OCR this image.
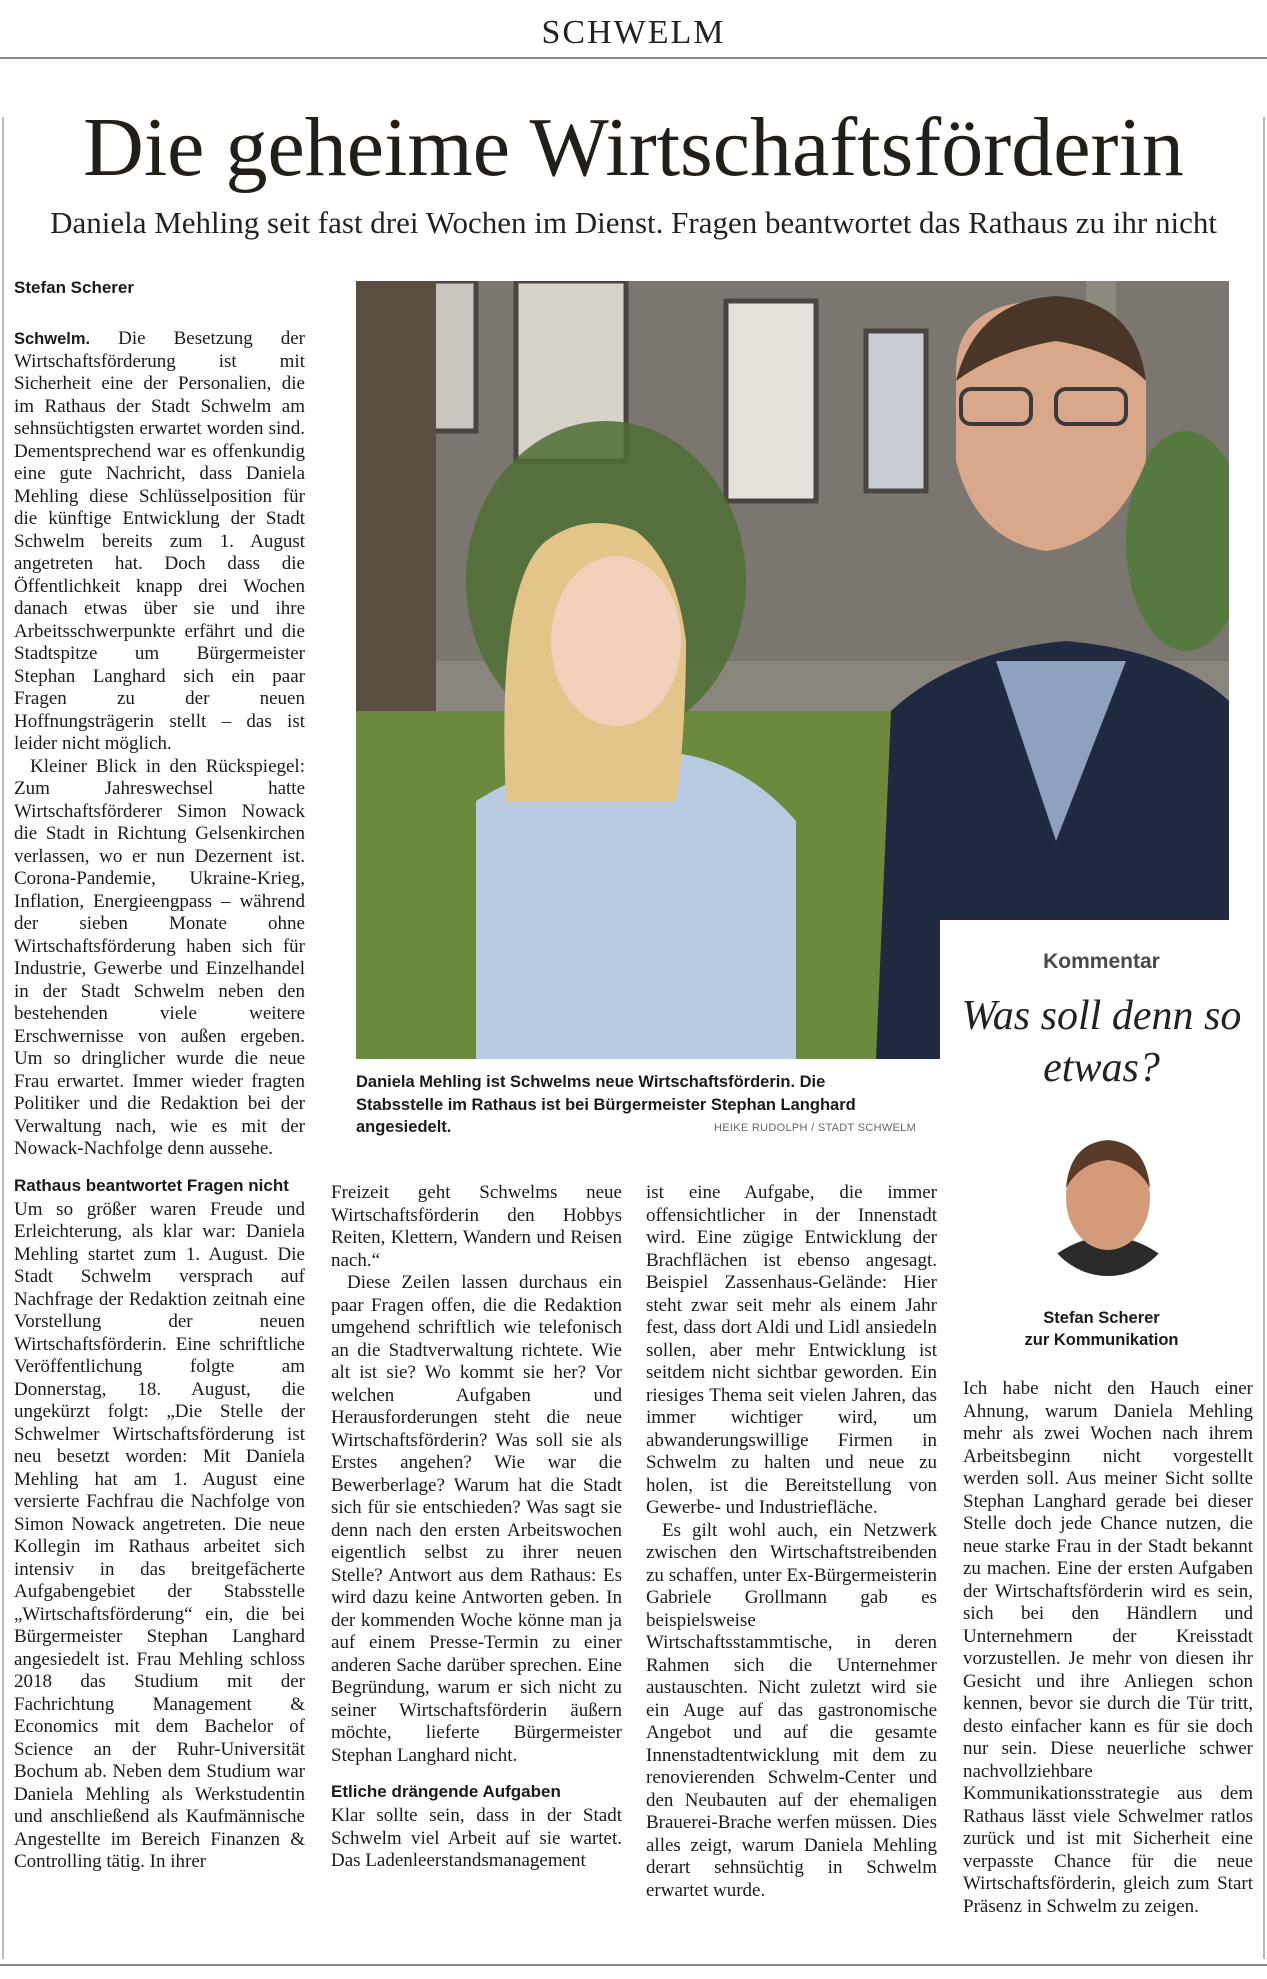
SCHWELM
Die geheime Wirtschaftsförderin
Daniela Mehling seit fast drei Wochen im Dienst. Fragen beantwortet das Rathaus zu ihr nicht
Stefan Scherer

Schwelm. Die Besetzung der Wirtschaftsförderung ist mit Sicherheit eine der Personalien, die im Rathaus der Stadt Schwelm am sehnsüchtigsten erwartet worden sind. Dementsprechend war es offenkundig eine gute Nachricht, dass Daniela Mehling diese Schlüsselposition für die künftige Entwicklung der Stadt Schwelm bereits zum 1. August angetreten hat. Doch dass die Öffentlichkeit knapp drei Wochen danach etwas über sie und ihre Arbeitsschwerpunkte erfährt und die Stadtspitze um Bürgermeister Stephan Langhard sich ein paar Fragen zu der neuen Hoffnungsträgerin stellt – das ist leider nicht möglich.

Kleiner Blick in den Rückspiegel: Zum Jahreswechsel hatte Wirtschaftsförderer Simon Nowack die Stadt in Richtung Gelsenkirchen verlassen, wo er nun Dezernent ist. Corona-Pandemie, Ukraine-Krieg, Inflation, Energieengpass – während der sieben Monate ohne Wirtschaftsförderung haben sich für Industrie, Gewerbe und Einzelhandel in der Stadt Schwelm neben den bestehenden viele weitere Erschwernisse von außen ergeben. Um so dringlicher wurde die neue Frau erwartet. Immer wieder fragten Politiker und die Redaktion bei der Verwaltung nach, wie es mit der Nowack-Nachfolge denn aussehe.

Rathaus beantwortet Fragen nicht

Um so größer waren Freude und Erleichterung, als klar war: Daniela Mehling startet zum 1. August. Die Stadt Schwelm versprach auf Nachfrage der Redaktion zeitnah eine Vorstellung der neuen Wirtschaftsförderin. Eine schriftliche Veröffentlichung folgte am Donnerstag, 18. August, die ungekürzt folgt: „Die Stelle der Schwelmer Wirtschaftsförderung ist neu besetzt worden: Mit Daniela Mehling hat am 1. August eine versierte Fachfrau die Nachfolge von Simon Nowack angetreten. Die neue Kollegin im Rathaus arbeitet sich intensiv in das breitgefächerte Aufgabengebiet der Stabsstelle „Wirtschaftsförderung“ ein, die bei Bürgermeister Stephan Langhard angesiedelt ist. Frau Mehling schloss 2018 das Studium mit der Fachrichtung Management & Economics mit dem Bachelor of Science an der Ruhr-Universität Bochum ab. Neben dem Studium war Daniela Mehling als Werkstudentin und anschließend als Kaufmännische Angestellte im Bereich Finanzen & Controlling tätig. In ihrer

Daniela Mehling ist Schwelms neue Wirtschaftsförderin. Die Stabsstelle im Rathaus ist bei Bürgermeister Stephan Langhard angesiedelt.	HEIKE RUDOLPH / STADT SCHWELM
Kommentar
Was soll denn so etwas?
Stefan Scherer
zur Kommunikation

Freizeit geht Schwelms neue Wirtschaftsförderin den Hobbys Reiten, Klettern, Wandern und Reisen nach.“

Diese Zeilen lassen durchaus ein paar Fragen offen, die die Redaktion umgehend schriftlich wie telefonisch an die Stadtverwaltung richtete. Wie alt ist sie? Wo kommt sie her? Vor welchen Aufgaben und Herausforderungen steht die neue Wirtschaftsförderin? Was soll sie als Erstes angehen? Wie war die Bewerberlage? Warum hat die Stadt sich für sie entschieden? Was sagt sie denn nach den ersten Arbeitswochen eigentlich selbst zu ihrer neuen Stelle? Antwort aus dem Rathaus: Es wird dazu keine Antworten geben. In der kommenden Woche könne man ja auf einem Presse-Termin zu einer anderen Sache darüber sprechen. Eine Begründung, warum er sich nicht zu seiner Wirtschaftsförderin äußern möchte, lieferte Bürgermeister Stephan Langhard nicht.

Etliche drängende Aufgaben

Klar sollte sein, dass in der Stadt Schwelm viel Arbeit auf sie wartet. Das Ladenleerstandsmanagement

ist eine Aufgabe, die immer offensichtlicher in der Innenstadt wird. Eine zügige Entwicklung der Brachflächen ist ebenso angesagt. Beispiel Zassenhaus-Gelände: Hier steht zwar seit mehr als einem Jahr fest, dass dort Aldi und Lidl ansiedeln sollen, aber mehr Entwicklung ist seitdem nicht sichtbar geworden. Ein riesiges Thema seit vielen Jahren, das immer wichtiger wird, um abwanderungswillige Firmen in Schwelm zu halten und neue zu holen, ist die Bereitstellung von Gewerbe- und Industriefläche.

Es gilt wohl auch, ein Netzwerk zwischen den Wirtschaftstreibenden zu schaffen, unter Ex-Bürgermeisterin Gabriele Grollmann gab es beispielsweise Wirtschaftsstammtische, in deren Rahmen sich die Unternehmer austauschten. Nicht zuletzt wird sie ein Auge auf das gastronomische Angebot und auf die gesamte Innenstadtentwicklung mit dem zu renovierenden Schwelm-Center und den Neubauten auf der ehemaligen Brauerei-Brache werfen müssen. Dies alles zeigt, warum Daniela Mehling derart sehnsüchtig in Schwelm erwartet wurde.

Ich habe nicht den Hauch einer Ahnung, warum Daniela Mehling mehr als zwei Wochen nach ihrem Arbeitsbeginn nicht vorgestellt werden soll. Aus meiner Sicht sollte Stephan Langhard gerade bei dieser Stelle doch jede Chance nutzen, die neue starke Frau in der Stadt bekannt zu machen. Eine der ersten Aufgaben der Wirtschaftsförderin wird es sein, sich bei den Händlern und Unternehmern der Kreisstadt vorzustellen. Je mehr von diesen ihr Gesicht und ihre Anliegen schon kennen, bevor sie durch die Tür tritt, desto einfacher kann es für sie doch nur sein. Diese neuerliche schwer nachvollziehbare Kommunikationsstrategie aus dem Rathaus lässt viele Schwelmer ratlos zurück und ist mit Sicherheit eine verpasste Chance für die neue Wirtschaftsförderin, gleich zum Start Präsenz in Schwelm zu zeigen.
